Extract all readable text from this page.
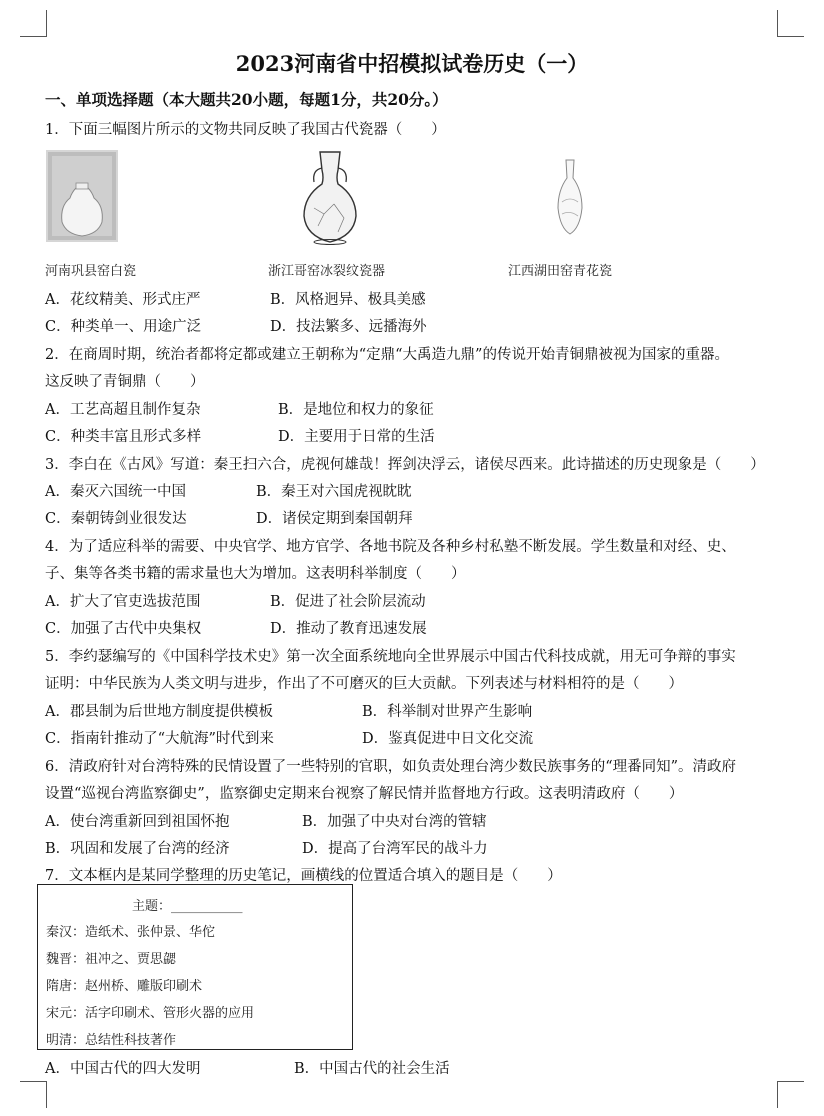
2023河南省中招模拟试卷历史（一）
一、单项选择题（本大题共20小题，每题1分，共20分。）
1．下面三幅图片所示的文物共同反映了我国古代瓷器（　　）
河南巩县窑白瓷	浙江哥窑冰裂纹瓷器	江西湖田窑青花瓷
A．花纹精美、形式庄严	B．风格迥异、极具美感
C．种类单一、用途广泛	D．技法繁多、远播海外
2．在商周时期，统治者都将定都或建立王朝称为“定鼎“大禹造九鼎”的传说开始青铜鼎被视为国家的重器。
这反映了青铜鼎（　　）
A．工艺高超且制作复杂	B．是地位和权力的象征
C．种类丰富且形式多样	D．主要用于日常的生活
3．李白在《古风》写道：秦王扫六合，虎视何雄哉！挥剑决浮云，诸侯尽西来。此诗描述的历史现象是（　　）
A．秦灭六国统一中国	B．秦王对六国虎视眈眈
C．秦朝铸剑业很发达	D．诸侯定期到秦国朝拜
4．为了适应科举的需要、中央官学、地方官学、各地书院及各种乡村私塾不断发展。学生数量和对经、史、
子、集等各类书籍的需求量也大为增加。这表明科举制度（　　）
A．扩大了官吏选拔范围	B．促进了社会阶层流动
C．加强了古代中央集权	D．推动了教育迅速发展
5．李约瑟编写的《中国科学技术史》第一次全面系统地向全世界展示中国古代科技成就，用无可争辩的事实
证明：中华民族为人类文明与进步，作出了不可磨灭的巨大贡献。下列表述与材料相符的是（　　）
A．郡县制为后世地方制度提供模板	B．科举制对世界产生影响
C．指南针推动了“大航海”时代到来	D．鉴真促进中日文化交流
6．清政府针对台湾特殊的民情设置了一些特别的官职，如负责处理台湾少数民族事务的“理番同知”。清政府
设置“巡视台湾监察御史”，监察御史定期来台视察了解民情并监督地方行政。这表明清政府（　　）
A．使台湾重新回到祖国怀抱	B．加强了中央对台湾的管辖
B．巩固和发展了台湾的经济	D．提高了台湾军民的战斗力
7．文本框内是某同学整理的历史笔记，画横线的位置适合填入的题目是（　　）
主题：___________
秦汉：造纸术、张仲景、华佗
魏晋：祖冲之、贾思勰
隋唐：赵州桥、雕版印刷术
宋元：活字印刷术、管形火器的应用
明清：总结性科技著作
A．中国古代的四大发明	B．中国古代的社会生活
